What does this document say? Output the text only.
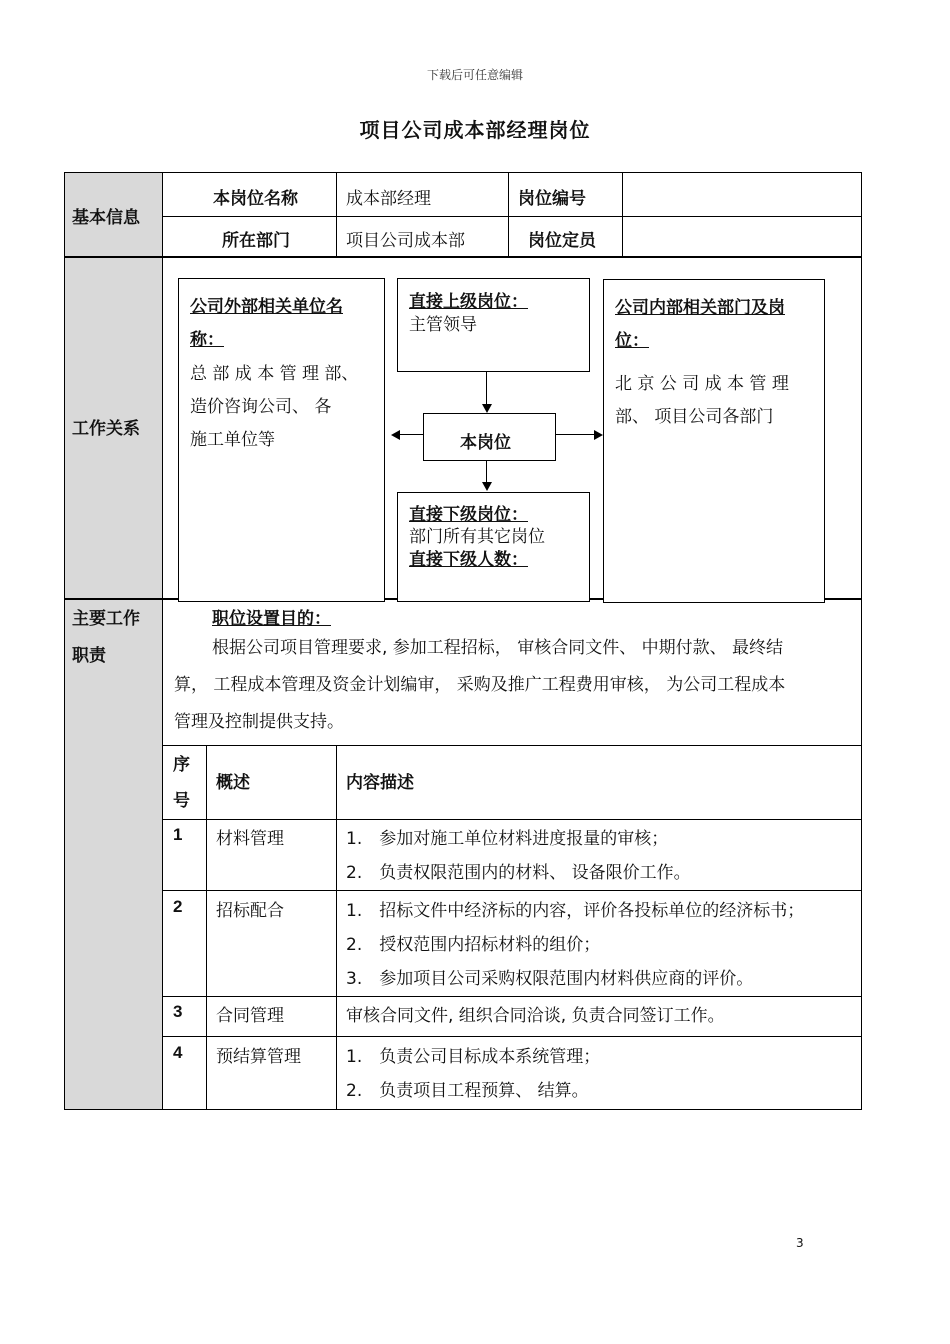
下载后可任意编辑
项目公司成本部经理岗位
基本信息
本岗位名称	成本部经理	岗位编号
所在部门	项目公司成本部	岗位定员
工作关系
公司外部相关单位名
称：
总 部 成 本 管 理 部、
造价咨询公司、 各
施工单位等
直接上级岗位：
主管领导
本岗位
直接下级岗位：
部门所有其它岗位
直接下级人数：
公司内部相关部门及岗
位：
北 京 公 司 成 本 管 理
部、 项目公司各部门
主要工作
职责
职位设置目的：
根据公司项目管理要求, 参加工程招标， 审核合同文件、 中期付款、 最终结
算， 工程成本管理及资金计划编审， 采购及推广工程费用审核， 为公司工程成本
管理及控制提供支持。
序
号
概述	内容描述
1 材料管理	1.　参加对施工单位材料进度报量的审核；
2.　负责权限范围内的材料、 设备限价工作。
2 招标配合	1.　招标文件中经济标的内容，评价各投标单位的经济标书；
2.　授权范围内招标材料的组价；
3.　参加项目公司采购权限范围内材料供应商的评价。
3 合同管理	审核合同文件, 组织合同洽谈, 负责合同签订工作。
4 预结算管理	1.　负责公司目标成本系统管理；
2.　负责项目工程预算、 结算。
3
